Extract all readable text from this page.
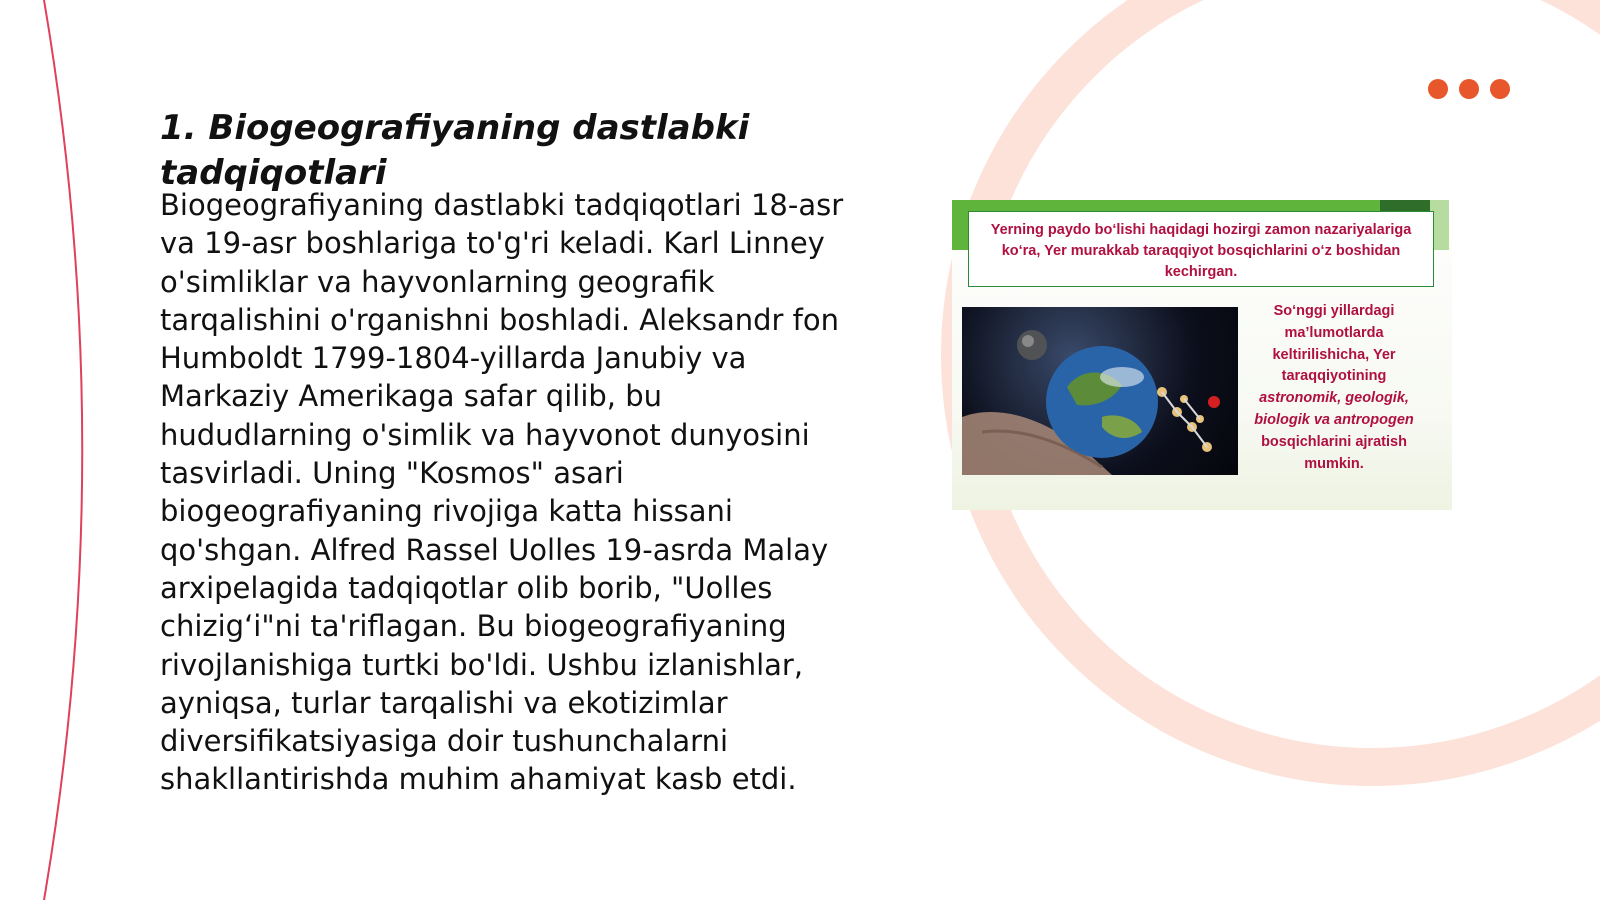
1. Biogeografiyaning dastlabki tadqiqotlari

Biogeografiyaning dastlabki tadqiqotlari 18-asr va 19-asr boshlariga to'g'ri keladi. Karl Linney o'simliklar va hayvonlarning geografik tarqalishini o'rganishni boshladi. Aleksandr fon Humboldt 1799-1804-yillarda Janubiy va Markaziy Amerikaga safar qilib, bu hududlarning o'simlik va hayvonot dunyosini tasvirladi. Uning "Kosmos" asari biogeografiyaning rivojiga katta hissani qo'shgan. Alfred Rassel Uolles 19-asrda Malay arxipelagida tadqiqotlar olib borib, "Uolles chizig‘i"ni ta'riflagan. Bu biogeografiyaning rivojlanishiga turtki bo'ldi. Ushbu izlanishlar, ayniqsa, turlar tarqalishi va ekotizimlar diversifikatsiyasiga doir tushunchalarni shakllantirishda muhim ahamiyat kasb etdi.

Yerning paydo bo‘lishi haqidagi hozirgi zamon nazariyalariga ko‘ra, Yer murakkab taraqqiyot bosqichlarini o‘z boshidan kechirgan.
So‘nggi yillardagi ma’lumotlarda keltirilishicha, Yer taraqqiyotining astronomik, geologik, biologik va antropogen bosqichlarini ajratish mumkin.
